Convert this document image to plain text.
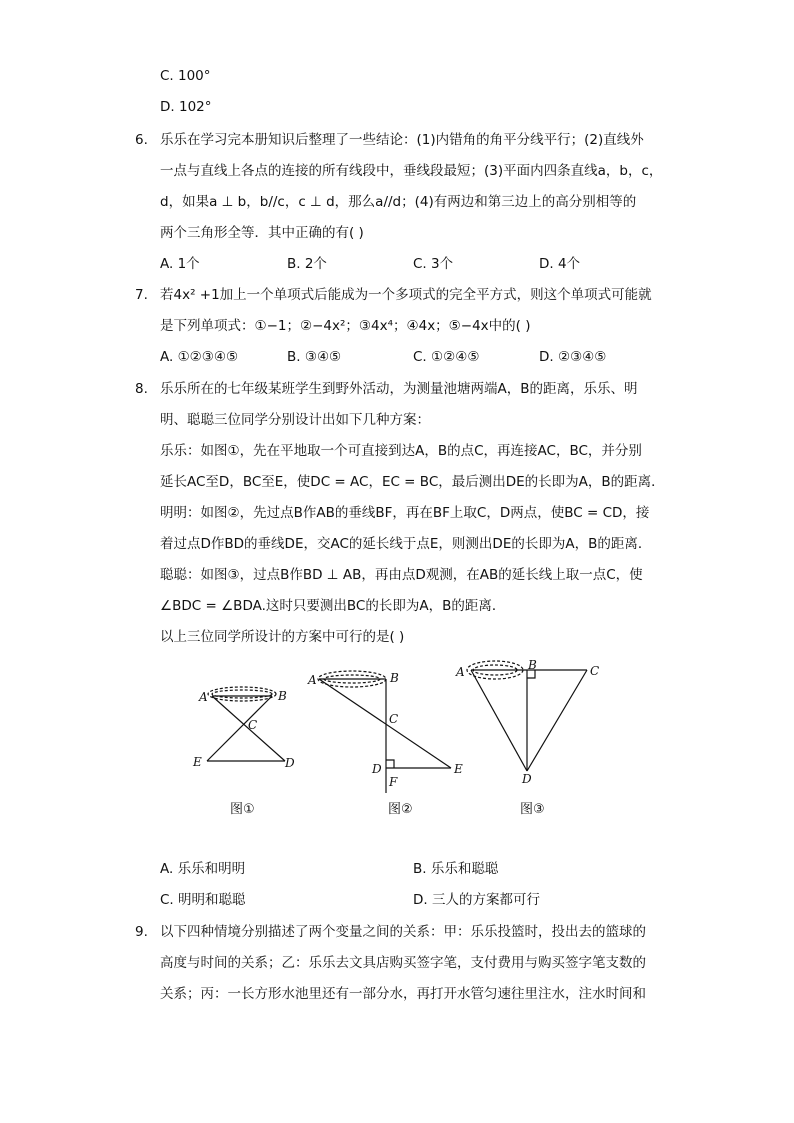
C. 100°
D. 102°
6. 乐乐在学习完本册知识后整理了一些结论：(1)内错角的角平分线平行；(2)直线外
一点与直线上各点的连接的所有线段中，垂线段最短；(3)平面内四条直线a，b，c，
d，如果a ⊥ b，b//c，c ⊥ d，那么a//d；(4)有两边和第三边上的高分别相等的
两个三角形全等．其中正确的有( )
A. 1个	B. 2个	C. 3个	D. 4个
7. 若4x² +1加上一个单项式后能成为一个多项式的完全平方式，则这个单项式可能就
是下列单项式：①−1；②−4x²；③4x⁴；④4x；⑤−4x中的( )
A. ①②③④⑤	B. ③④⑤	C. ①②④⑤	D. ②③④⑤
8. 乐乐所在的七年级某班学生到野外活动，为测量池塘两端A，B的距离，乐乐、明
明、聪聪三位同学分别设计出如下几种方案：
乐乐：如图①，先在平地取一个可直接到达A，B的点C，再连接AC，BC，并分别
延长AC至D，BC至E，使DC = AC，EC = BC，最后测出DE的长即为A，B的距离．
明明：如图②，先过点B作AB的垂线BF，再在BF上取C，D两点，使BC = CD，接
着过点D作BD的垂线DE，交AC的延长线于点E，则测出DE的长即为A，B的距离．
聪聪：如图③，过点B作BD ⊥ AB，再由点D观测，在AB的延长线上取一点C，使
∠BDC = ∠BDA.这时只要测出BC的长即为A，B的距离．
以上三位同学所设计的方案中可行的是( )
A	B
C
E	D
A	B
C
D
F
E
A	B	C
D
图①	图②	图③
A. 乐乐和明明	B. 乐乐和聪聪
C. 明明和聪聪	D. 三人的方案都可行
9. 以下四种情境分别描述了两个变量之间的关系：甲：乐乐投篮时，投出去的篮球的
高度与时间的关系；乙：乐乐去文具店购买签字笔，支付费用与购买签字笔支数的
关系；丙：一长方形水池里还有一部分水，再打开水管匀速往里注水，注水时间和
